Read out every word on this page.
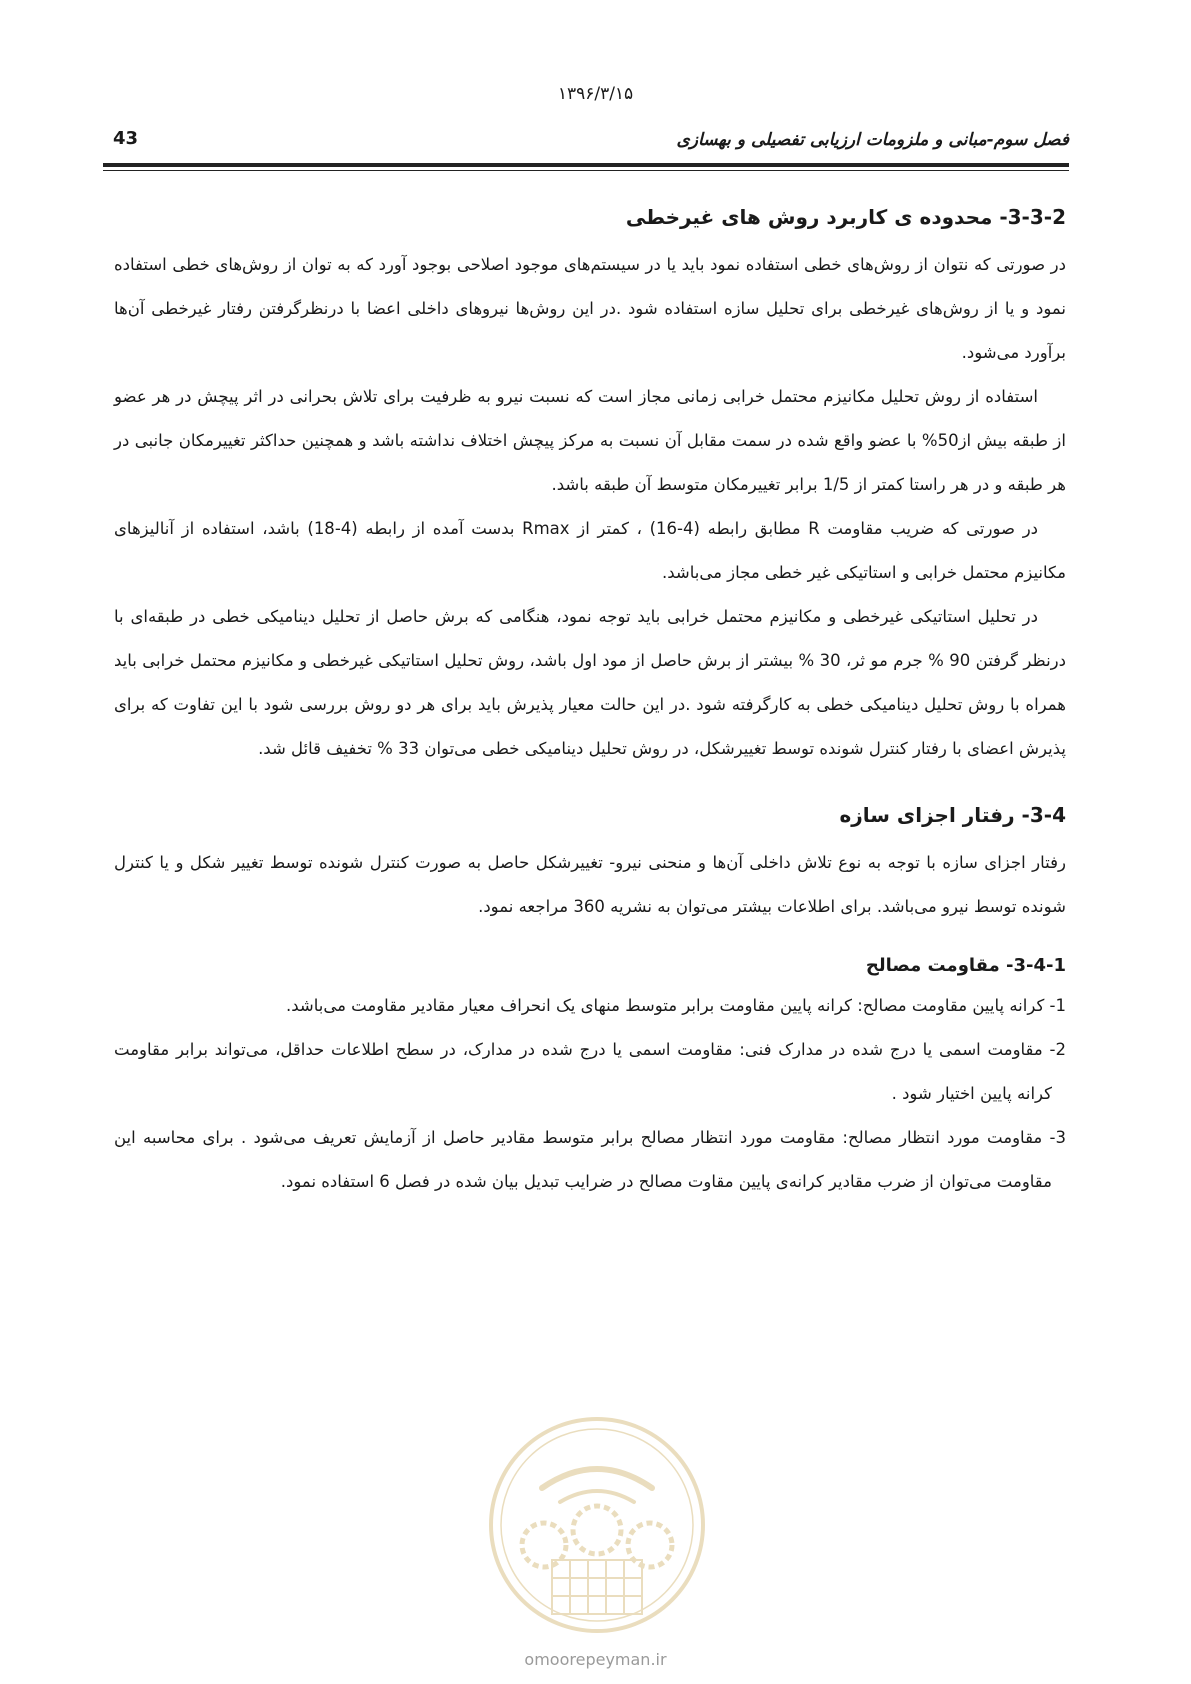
۱۳۹۶/۳/۱۵
43	فصل سوم-مبانی و ملزومات ارزیابی تفصیلی و بهسازی
3-3-2- محدوده ی کاربرد روش های غیرخطی

در صورتی که نتوان از روش‌های خطی استفاده نمود باید یا در سیستم‌های موجود اصلاحی بوجود آورد که به توان از روش‌های خطی استفاده نمود و یا از روش‌های غیرخطی برای تحلیل سازه استفاده شود .در این روش‌ها نیروهای داخلی اعضا با درنظرگرفتن رفتار غیرخطی آن‌ها برآورد می‌شود.

استفاده از روش تحلیل مکانیزم محتمل خرابی زمانی مجاز است که نسبت نیرو به ظرفیت برای تلاش بحرانی در اثر پیچش در هر عضو از طبقه بیش از50% با عضو واقع شده در سمت مقابل آن نسبت به مرکز پیچش اختلاف نداشته باشد و همچنین حداکثر تغییرمکان جانبی در هر طبقه و در هر راستا کمتر از 1/5 برابر تغییرمکان متوسط آن طبقه باشد.

در صورتی که ضریب مقاومت R مطابق رابطه (4-16) ، کمتر از Rmax بدست آمده از رابطه (4-18) باشد، استفاده از آنالیزهای مکانیزم محتمل خرابی و استاتیکی غیر خطی مجاز می‌باشد.

در تحلیل استاتیکی غیرخطی و مکانیزم محتمل خرابی باید توجه نمود، هنگامی که برش حاصل از تحلیل دینامیکی خطی در طبقه‌ای با درنظر گرفتن 90 % جرم مو ثر، 30 % بیشتر از برش حاصل از مود اول باشد، روش تحلیل استاتیکی غیرخطی و مکانیزم محتمل خرابی باید همراه با روش تحلیل دینامیکی خطی به کارگرفته شود .در این حالت معیار پذیرش باید برای هر دو روش بررسی شود با این تفاوت که برای پذیرش اعضای با رفتار کنترل شونده توسط تغییرشکل، در روش تحلیل دینامیکی خطی می‌توان 33 % تخفیف قائل شد.

3-4- رفتار اجزای سازه

رفتار اجزای سازه با توجه به نوع تلاش داخلی آن‌ها و منحنی نیرو- تغییرشکل حاصل به صورت کنترل شونده توسط تغییر شکل و یا کنترل شونده توسط نیرو می‌باشد. برای اطلاعات بیشتر می‌توان به نشریه 360 مراجعه نمود.

3-4-1- مقاومت مصالح

1- کرانه پایین مقاومت مصالح: کرانه پایین مقاومت برابر متوسط منهای یک انحراف معیار مقادیر مقاومت می‌باشد.

2- مقاومت اسمی یا درج شده در مدارک فنی: مقاومت اسمی یا درج شده در مدارک، در سطح اطلاعات حداقل، می‌تواند برابر مقاومت کرانه پایین اختیار شود .

3- مقاومت مورد انتظار مصالح: مقاومت مورد انتظار مصالح برابر متوسط مقادیر حاصل از آزمایش تعریف می‌شود . برای محاسبه این مقاومت می‌توان از ضرب مقادیر کرانه‌ی پایین مقاوت مصالح در ضرایب تبدیل بیان شده در فصل 6 استفاده نمود.

omoorepeyman.ir
